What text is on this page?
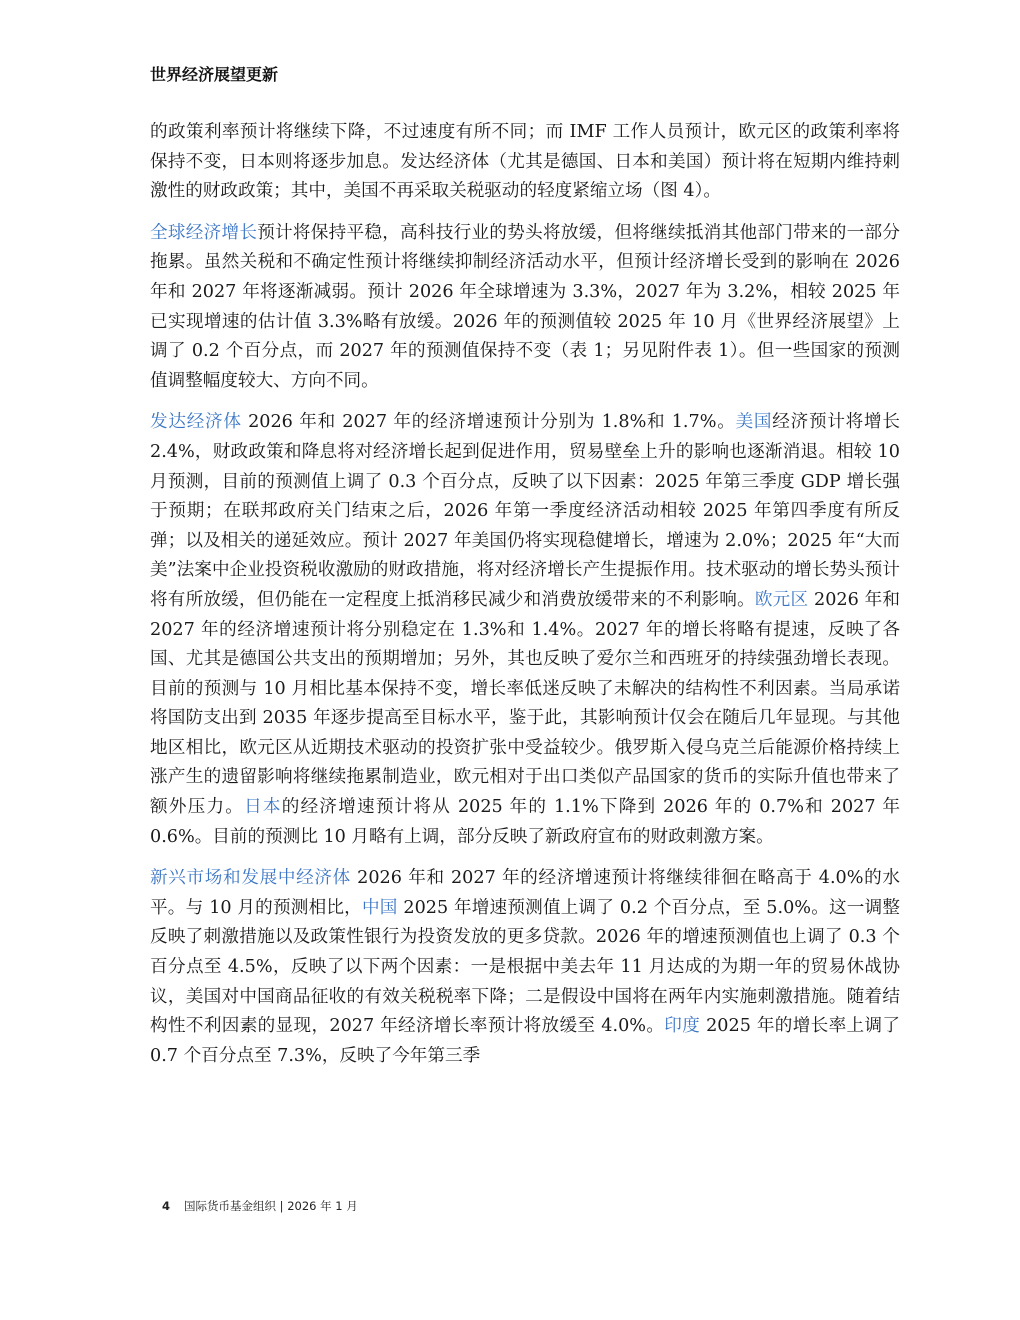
世界经济展望更新

的政策利率预计将继续下降，不过速度有所不同；而 IMF 工作人员预计，欧元区的政策利率将保持不变，日本则将逐步加息。发达经济体（尤其是德国、日本和美国）预计将在短期内维持刺激性的财政政策；其中，美国不再采取关税驱动的轻度紧缩立场（图 4）。

全球经济增长预计将保持平稳，高科技行业的势头将放缓，但将继续抵消其他部门带来的一部分拖累。虽然关税和不确定性预计将继续抑制经济活动水平，但预计经济增长受到的影响在 2026 年和 2027 年将逐渐减弱。预计 2026 年全球增速为 3.3%，2027 年为 3.2%，相较 2025 年已实现增速的估计值 3.3%略有放缓。2026 年的预测值较 2025 年 10 月《世界经济展望》上调了 0.2 个百分点，而 2027 年的预测值保持不变（表 1；另见附件表 1）。但一些国家的预测值调整幅度较大、方向不同。

发达经济体 2026 年和 2027 年的经济增速预计分别为 1.8%和 1.7%。美国经济预计将增长 2.4%，财政政策和降息将对经济增长起到促进作用，贸易壁垒上升的影响也逐渐消退。相较 10 月预测，目前的预测值上调了 0.3 个百分点，反映了以下因素：2025 年第三季度 GDP 增长强于预期；在联邦政府关门结束之后，2026 年第一季度经济活动相较 2025 年第四季度有所反弹；以及相关的递延效应。预计 2027 年美国仍将实现稳健增长，增速为 2.0%；2025 年“大而美”法案中企业投资税收激励的财政措施，将对经济增长产生提振作用。技术驱动的增长势头预计将有所放缓，但仍能在一定程度上抵消移民减少和消费放缓带来的不利影响。欧元区 2026 年和 2027 年的经济增速预计将分别稳定在 1.3%和 1.4%。2027 年的增长将略有提速，反映了各国、尤其是德国公共支出的预期增加；另外，其也反映了爱尔兰和西班牙的持续强劲增长表现。目前的预测与 10 月相比基本保持不变，增长率低迷反映了未解决的结构性不利因素。当局承诺将国防支出到 2035 年逐步提高至目标水平，鉴于此，其影响预计仅会在随后几年显现。与其他地区相比，欧元区从近期技术驱动的投资扩张中受益较少。俄罗斯入侵乌克兰后能源价格持续上涨产生的遗留影响将继续拖累制造业，欧元相对于出口类似产品国家的货币的实际升值也带来了额外压力。日本的经济增速预计将从 2025 年的 1.1%下降到 2026 年的 0.7%和 2027 年 0.6%。目前的预测比 10 月略有上调，部分反映了新政府宣布的财政刺激方案。

新兴市场和发展中经济体 2026 年和 2027 年的经济增速预计将继续徘徊在略高于 4.0%的水平。与 10 月的预测相比，中国 2025 年增速预测值上调了 0.2 个百分点，至 5.0%。这一调整反映了刺激措施以及政策性银行为投资发放的更多贷款。2026 年的增速预测值也上调了 0.3 个百分点至 4.5%，反映了以下两个因素：一是根据中美去年 11 月达成的为期一年的贸易休战协议，美国对中国商品征收的有效关税税率下降；二是假设中国将在两年内实施刺激措施。随着结构性不利因素的显现，2027 年经济增长率预计将放缓至 4.0%。印度 2025 年的增长率上调了 0.7 个百分点至 7.3%，反映了今年第三季

4 国际货币基金组织 | 2026 年 1 月
